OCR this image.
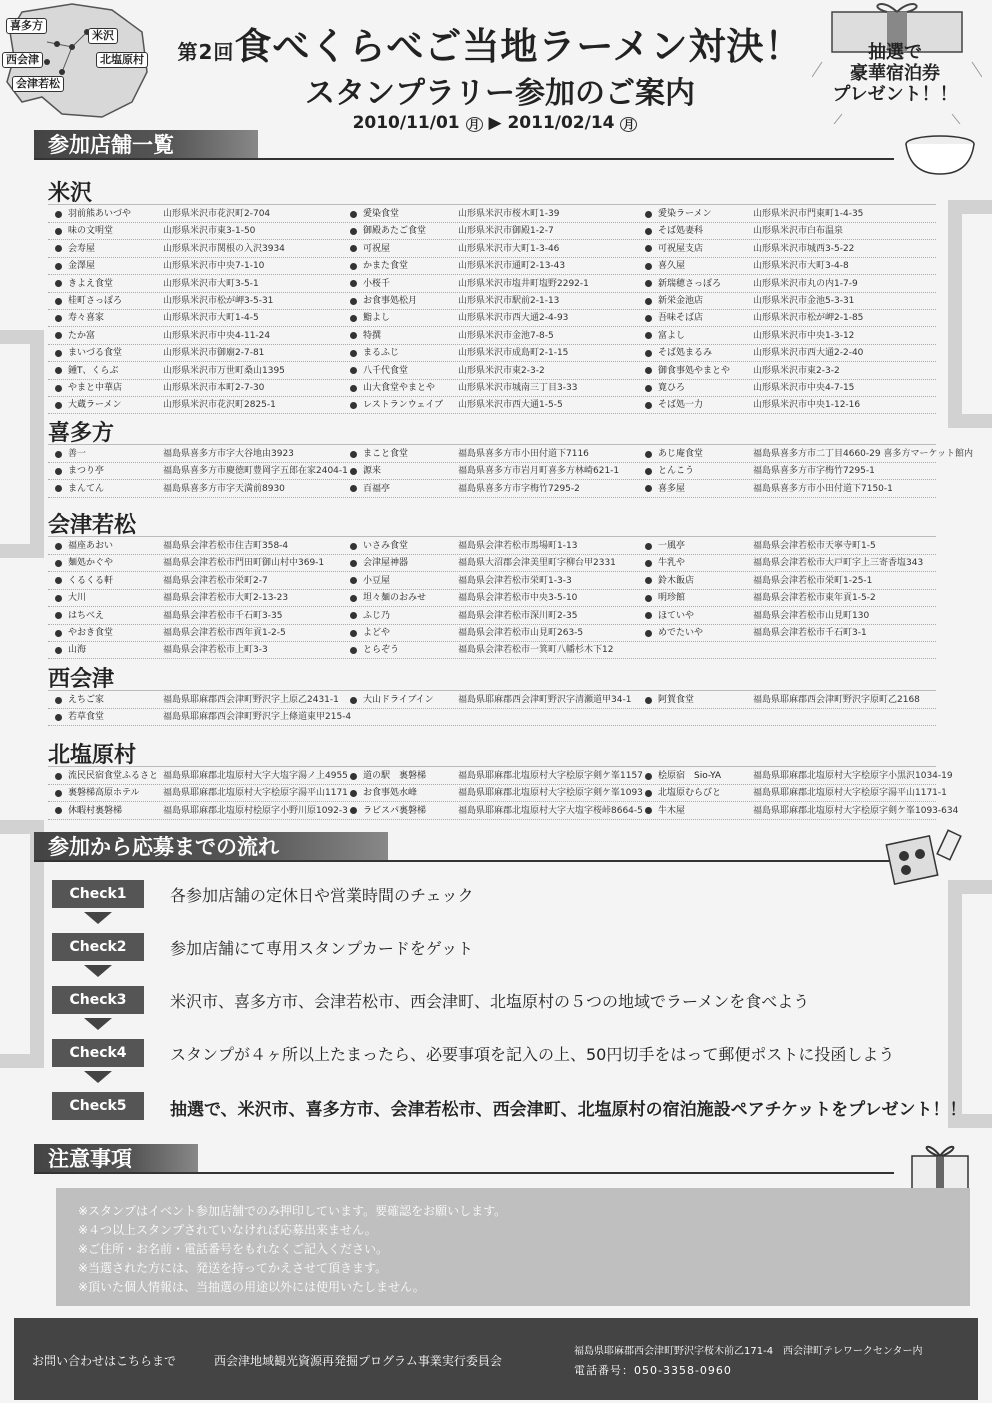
喜多方
米沢
西会津	北塩原村
会津若松
第2回食べくらべご当地ラーメン対決！
スタンプラリー参加のご案内
2010/11/01 月 ▶ 2011/02/14 月
抽選で
豪華宿泊券
プレゼント！！
参加店舗一覧
米沢
羽前熊あいづや	山形県米沢市花沢町2-704	愛染食堂	山形県米沢市桜木町1-39	愛染ラーメン	山形県米沢市門東町1-4-35
味の文明堂	山形県米沢市東3-1-50	御殿あたご食堂	山形県米沢市御殿1-2-7	そば処妻科	山形県米沢市白布温泉
会寿屋	山形県米沢市関根の入沢3934	可祝屋	山形県米沢市大町1-3-46	可祝屋支店	山形県米沢市城西3-5-22
金澤屋	山形県米沢市中央7-1-10	かまた食堂	山形県米沢市通町2-13-43	喜久屋	山形県米沢市大町3-4-8
きよえ食堂	山形県米沢市大町3-5-1	小桜千	山形県米沢市塩井町塩野2292-1	新瑞穂さっぽろ	山形県米沢市丸の内1-7-9
桂町さっぽろ	山形県米沢市松が岬3-5-31	お食事処松月	山形県米沢市駅前2-1-13	新栄金池店	山形県米沢市金池5-3-31
寿々喜家	山形県米沢市大町1-4-5	鮨よし	山形県米沢市西大通2-4-93	吾味そば店	山形県米沢市松が岬2-1-85
たか富	山形県米沢市中央4-11-24	特撰	山形県米沢市金池7-8-5	富よし	山形県米沢市中央1-3-12
まいづる食堂	山形県米沢市御廟2-7-81	まるふじ	山形県米沢市成島町2-1-15	そば処まるみ	山形県米沢市西大通2-2-40
鍾T、くらぶ	山形県米沢市万世町桑山1395	八千代食堂	山形県米沢市東2-3-2	御食事処やまとや	山形県米沢市東2-3-2
やまと中華店	山形県米沢市本町2-7-30	山大食堂やまとや	山形県米沢市城南三丁目3-33	寛ひろ	山形県米沢市中央4-7-15
大蔵ラーメン	山形県米沢市花沢町2825-1	レストランウェイブ 山形県米沢市西大通1-5-5	そば処一力	山形県米沢市中央1-12-16
喜多方
善一	福島県喜多方市字大谷地由3923	まこと食堂	福島県喜多方市小田付道下7116	あじ庵食堂	福島県喜多方市二丁目4660-29 喜多方マーケット館内
まつり亭	福島県喜多方市慶徳町豊岡字五郎在家2404-1	源来	福島県喜多方市岩月町喜多方林崎621-1	とんこう	福島県喜多方市字梅竹7295-1
まんてん	福島県喜多方市字天満前8930	百福亭	福島県喜多方市字梅竹7295-2	喜多屋	福島県喜多方市小田付道下7150-1
会津若松
福座あおい	福島県会津若松市住吉町358-4	いさみ食堂	福島県会津若松市馬場町1-13	一風亭	福島県会津若松市天寧寺町1-5
麺処かぐや	福島県会津若松市門田町御山村中369-1	会津屋神器	福島県大沼郡会津美里町字柳台甲2331	牛乳や	福島県会津若松市大戸町字上三寄香塩343
くるくる軒	福島県会津若松市栄町2-7	小豆屋	福島県会津若松市栄町1-3-3	鈴木飯店	福島県会津若松市栄町1-25-1
大川	福島県会津若松市大町2-13-23	坦々麺のおみせ	福島県会津若松市中央3-5-10	明珍館	福島県会津若松市東年貢1-5-2
はちべえ	福島県会津若松市千石町3-35	ふじ乃	福島県会津若松市深川町2-35	ほていや	福島県会津若松市山見町130
やおき食堂	福島県会津若松市西年貢1-2-5	よどや	福島県会津若松市山見町263-5	めでたいや	福島県会津若松市千石町3-1
山海	福島県会津若松市上町3-3	とらぞう	福島県会津若松市一箕町八幡杉木下12
西会津
えちご家	福島県耶麻郡西会津町野沢字上原乙2431-1	大山ドライブイン	福島県耶麻郡西会津町野沢字清瀬道甲34-1	阿賀食堂	福島県耶麻郡西会津町野沢字原町乙2168
若草食堂	福島県耶麻郡西会津町野沢字上條道東甲215-4
北塩原村
流民民宿食堂ふるさと 福島県耶麻郡北塩原村大字大塩字湯ノ上4955	道の駅　裏磐梯	福島県耶麻郡北塩原村大字桧原字剣ケ峯1157	桧原宿　Sio-YA	福島県耶麻郡北塩原村大字桧原字小黒沢1034-19
裏磐梯高原ホテル	福島県耶麻郡北塩原村大字桧原字湯平山1171	お食事処水峰	福島県耶麻郡北塩原村大字桧原字剣ケ峯1093	北塩原むらびと	福島県耶麻郡北塩原村大字桧原字湯平山1171-1
休暇村裏磐梯	福島県耶麻郡北塩原村桧原字小野川原1092-3	ラビスパ裏磐梯	福島県耶麻郡北塩原村大字大塩字桜峠8664-5	牛木屋	福島県耶麻郡北塩原村大字桧原字剣ケ峯1093-634
参加から応募までの流れ
Check1	各参加店舗の定休日や営業時間のチェック
Check2	参加店舗にて専用スタンプカードをゲット
Check3	米沢市、喜多方市、会津若松市、西会津町、北塩原村の５つの地域でラーメンを食べよう
Check4	スタンプが４ヶ所以上たまったら、必要事項を記入の上、50円切手をはって郵便ポストに投函しよう
Check5	抽選で、米沢市、喜多方市、会津若松市、西会津町、北塩原村の宿泊施設ペアチケットをプレゼント！！
注意事項
※スタンプはイベント参加店舗でのみ押印しています。要確認をお願いします。
※４つ以上スタンプされていなければ応募出来ません。
※ご住所・お名前・電話番号をもれなくご記入ください。
※当選された方には、発送を持ってかえさせて頂きます。
※頂いた個人情報は、当抽選の用途以外には使用いたしません。
お問い合わせはこちらまで	西会津地域観光資源再発掘プログラム事業実行委員会
福島県耶麻郡西会津町野沢字桜木前乙171-4　西会津町テレワークセンター内
電話番号：050-3358-0960
